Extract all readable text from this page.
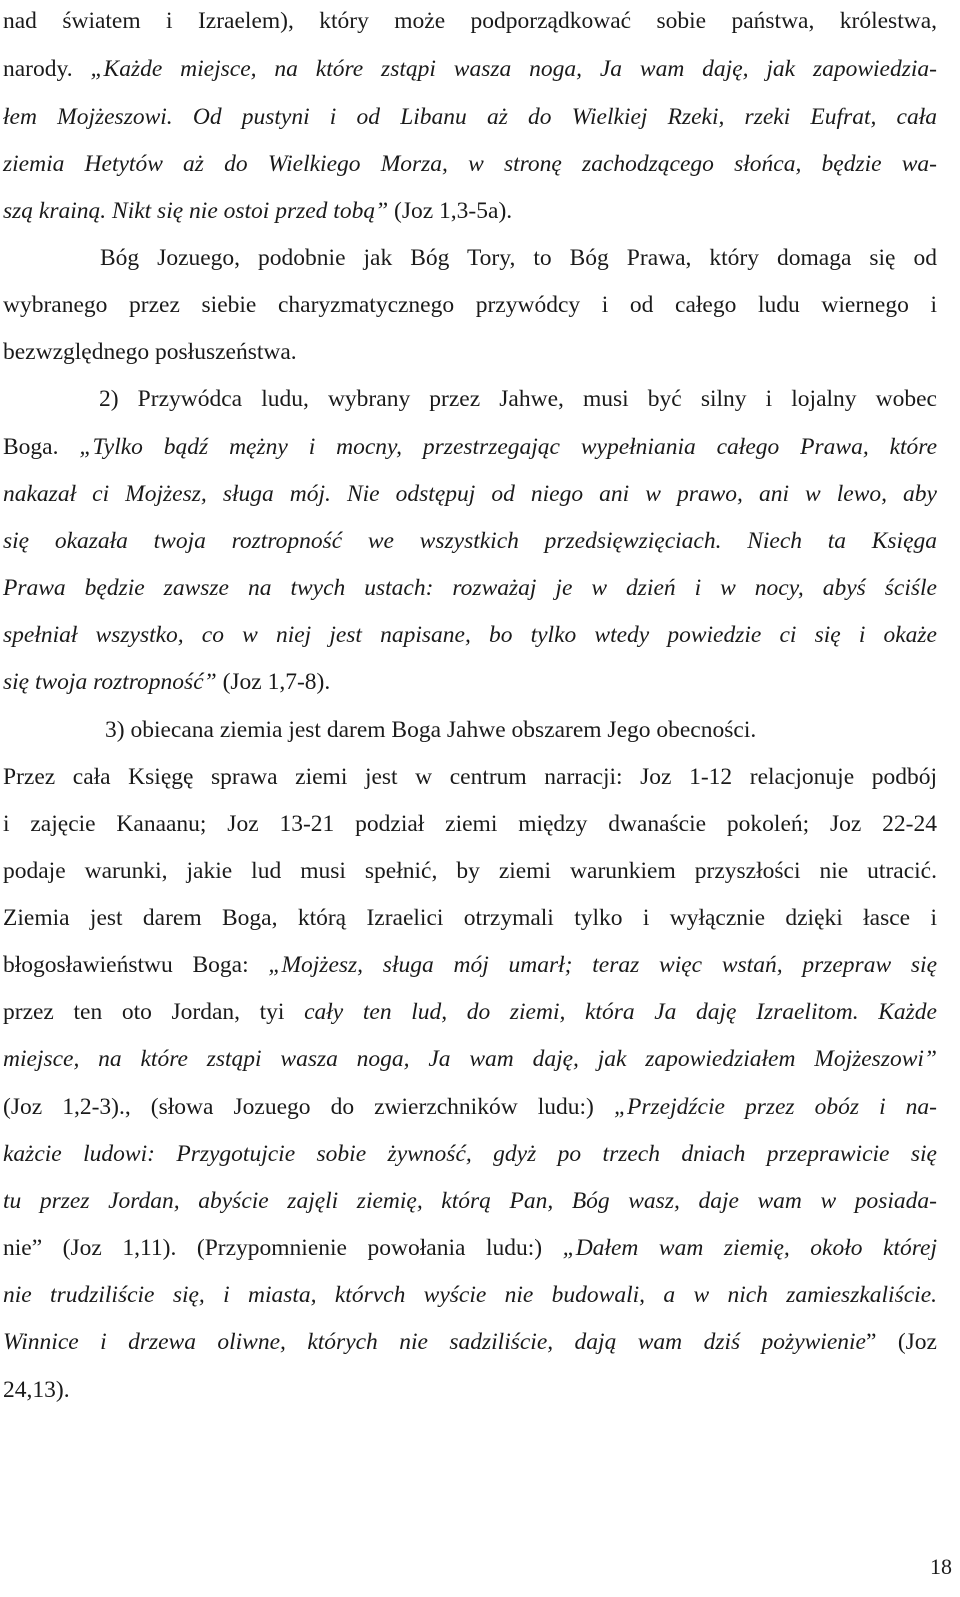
nad światem i Izraelem), który może podporządkować sobie państwa, królestwa,
narody. „Każde miejsce, na które zstąpi wasza noga, Ja wam daję, jak zapowiedzia-
łem Mojżeszowi. Od pustyni i od Libanu aż do Wielkiej Rzeki, rzeki Eufrat, cała
ziemia Hetytów aż do Wielkiego Morza, w stronę zachodzącego słońca, będzie wa-
szą krainą. Nikt się nie ostoi przed tobą” (Joz 1,3-5a).
Bóg Jozuego, podobnie jak Bóg Tory, to Bóg Prawa, który domaga się od
wybranego przez siebie charyzmatycznego przywódcy i od całego ludu wiernego i
bezwzględnego posłuszeństwa.
2) Przywódca ludu, wybrany przez Jahwe, musi być silny i lojalny wobec
Boga. „Tylko bądź mężny i mocny, przestrzegając wypełniania całego Prawa, które
nakazał ci Mojżesz, sługa mój. Nie odstępuj od niego ani w prawo, ani w lewo, aby
się okazała twoja roztropność we wszystkich przedsięwzięciach. Niech ta Księga
Prawa będzie zawsze na twych ustach: rozważaj je w dzień i w nocy, abyś ściśle
spełniał wszystko, co w niej jest napisane, bo tylko wtedy powiedzie ci się i okaże
się twoja roztropność” (Joz 1,7-8).
3) obiecana ziemia jest darem Boga Jahwe obszarem Jego obecności.
Przez cała Księgę sprawa ziemi jest w centrum narracji: Joz 1-12 relacjonuje podbój
i zajęcie Kanaanu; Joz 13-21 podział ziemi między dwanaście pokoleń; Joz 22-24
podaje warunki, jakie lud musi spełnić, by ziemi warunkiem przyszłości nie utracić.
Ziemia jest darem Boga, którą Izraelici otrzymali tylko i wyłącznie dzięki łasce i
błogosławieństwu Boga: „Mojżesz, sługa mój umarł; teraz więc wstań, przepraw się
przez ten oto Jordan, tyi cały ten lud, do ziemi, która Ja daję Izraelitom. Każde
miejsce, na które zstąpi wasza noga, Ja wam daję, jak zapowiedziałem Mojżeszowi”
(Joz 1,2-3)., (słowa Jozuego do zwierzchników ludu:) „Przejdźcie przez obóz i na-
każcie ludowi: Przygotujcie sobie żywność, gdyż po trzech dniach przeprawicie się
tu przez Jordan, abyście zajęli ziemię, którą Pan, Bóg wasz, daje wam w posiada-
nie” (Joz 1,11). (Przypomnienie powołania ludu:) „Dałem wam ziemię, około której
nie trudziliście się, i miasta, którvch wyście nie budowali, a w nich zamieszkaliście.
Winnice i drzewa oliwne, których nie sadziliście, dają wam dziś pożywienie” (Joz
24,13).
18
